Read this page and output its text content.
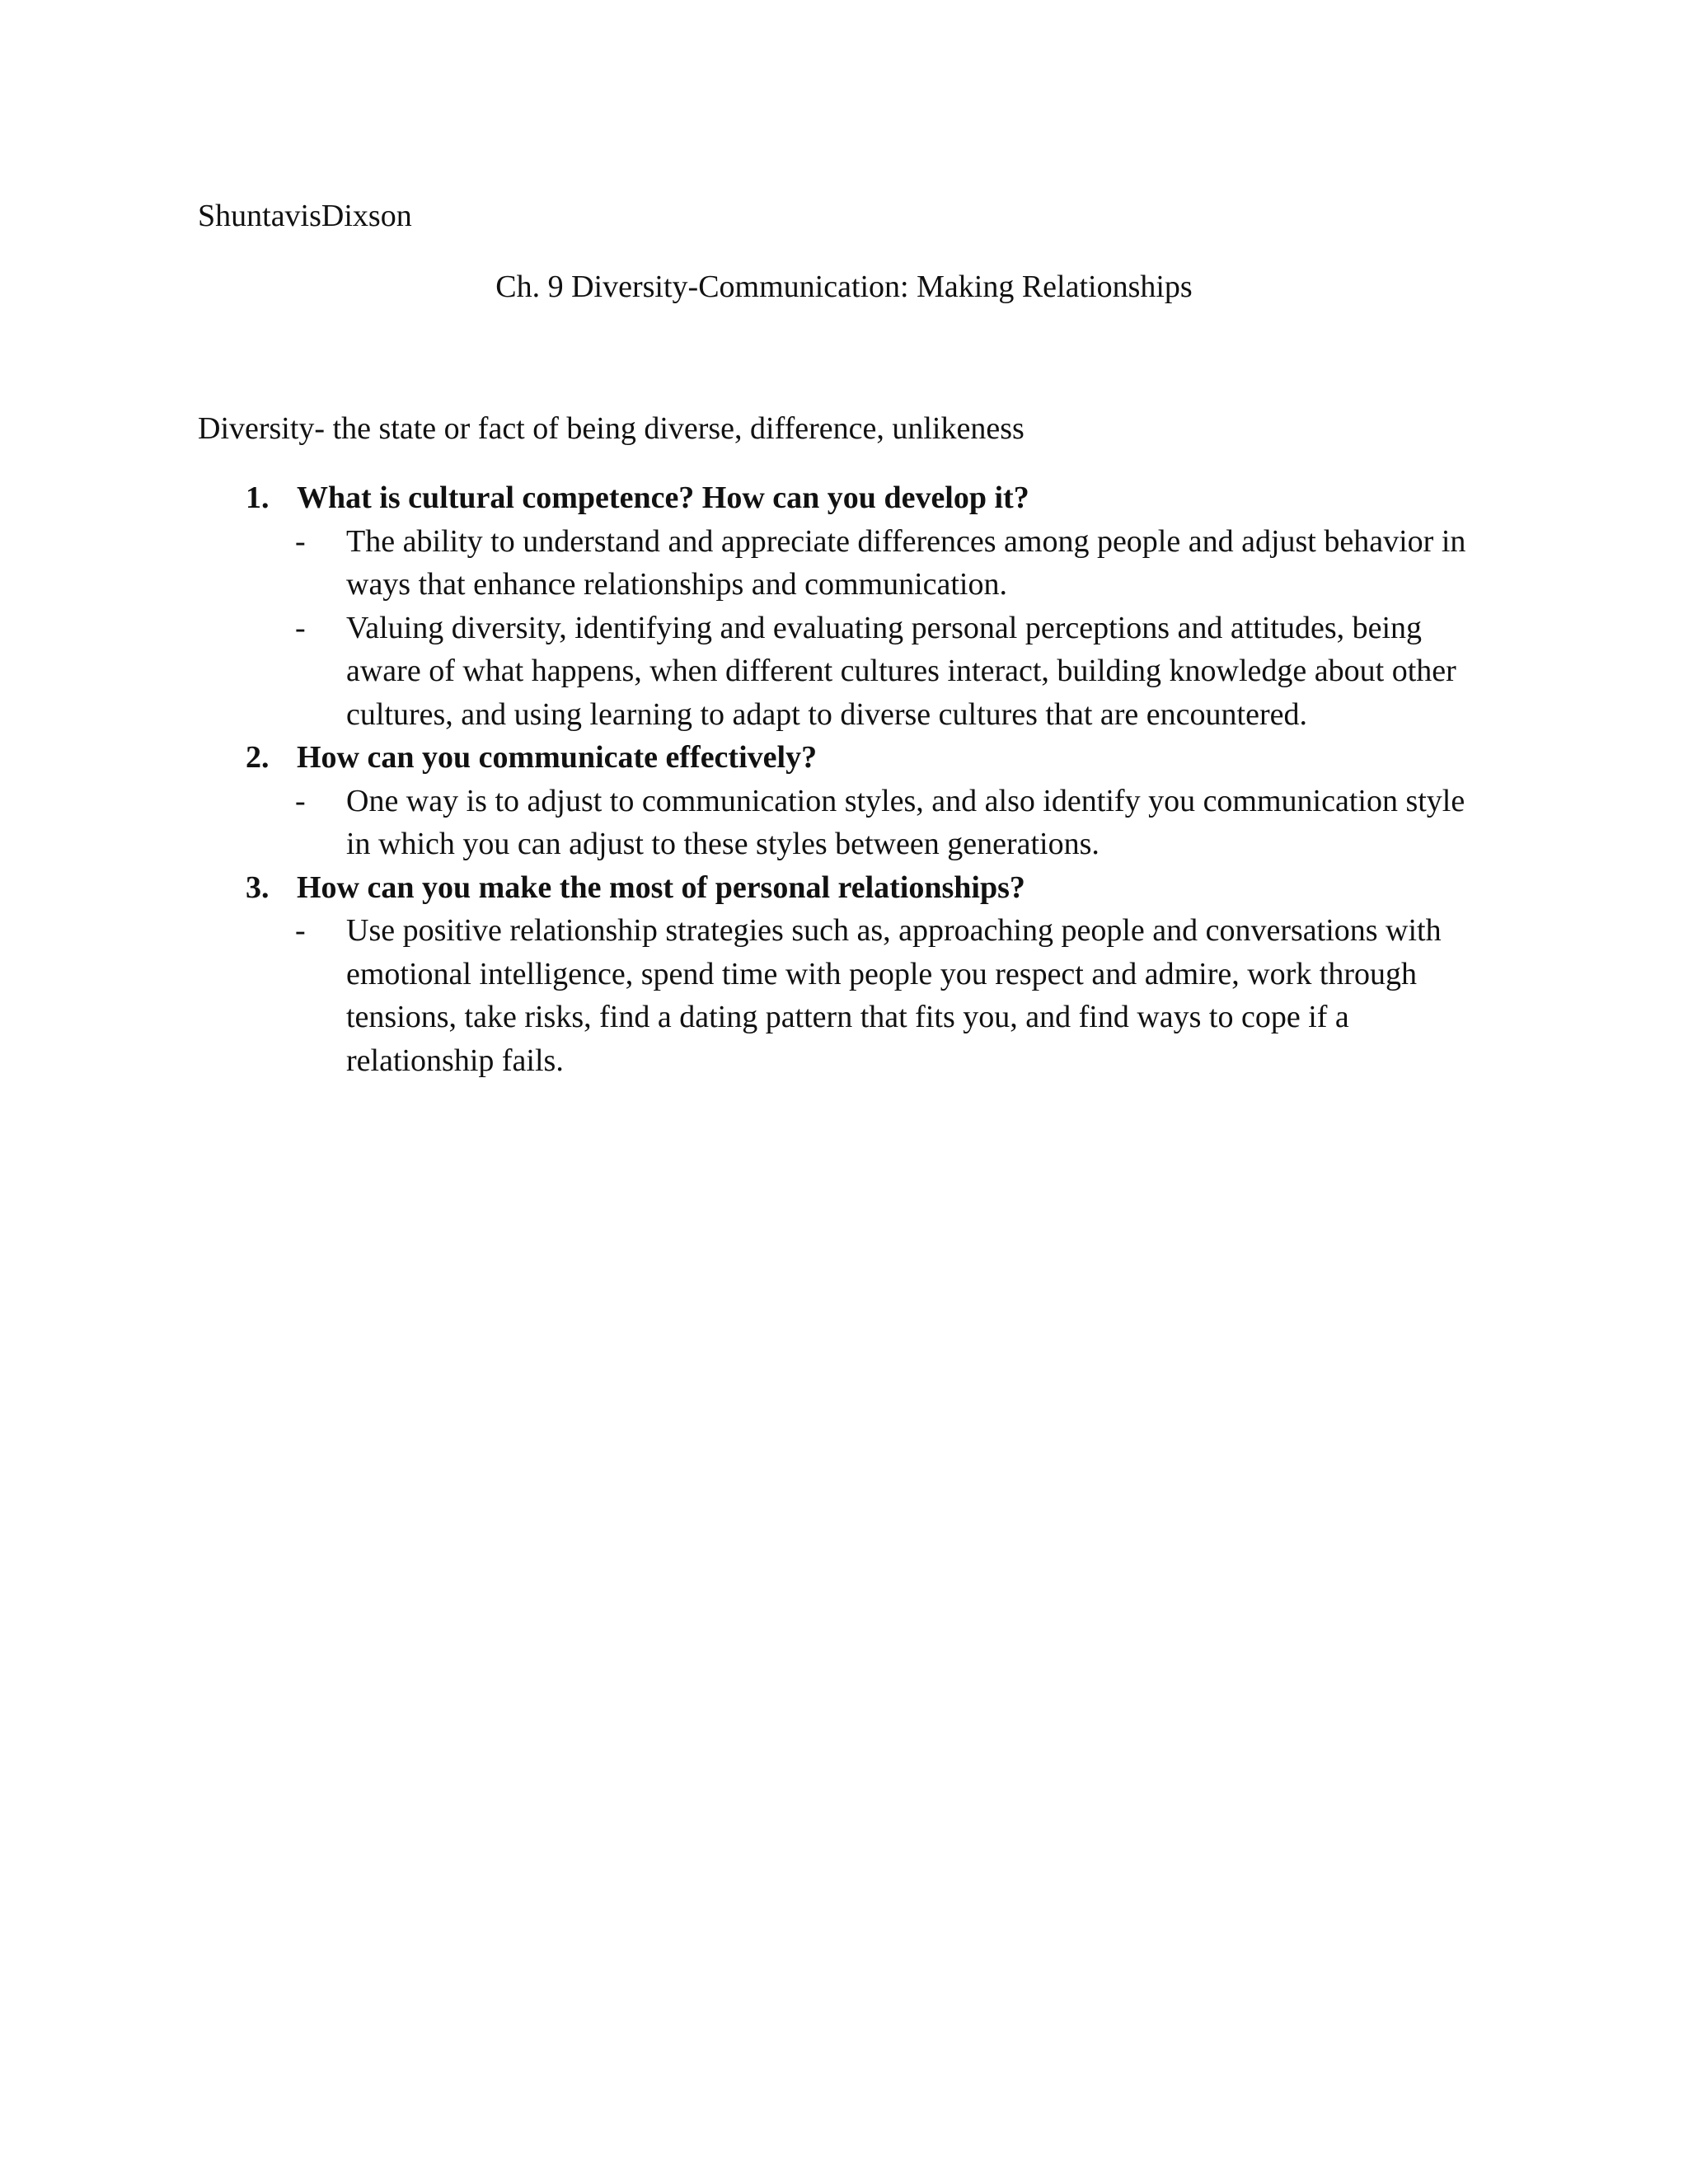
ShuntavisDixson
Ch. 9 Diversity-Communication: Making Relationships
Diversity- the state or fact of being diverse, difference, unlikeness
1. What is cultural competence? How can you develop it?
- The ability to understand and appreciate differences among people and adjust behavior in ways that enhance relationships and communication.
- Valuing diversity, identifying and evaluating personal perceptions and attitudes, being aware of what happens, when different cultures interact, building knowledge about other cultures, and using learning to adapt to diverse cultures that are encountered.
2. How can you communicate effectively?
- One way is to adjust to communication styles, and also identify you communication style in which you can adjust to these styles between generations.
3. How can you make the most of personal relationships?
- Use positive relationship strategies such as, approaching people and conversations with emotional intelligence, spend time with people you respect and admire, work through tensions, take risks, find a dating pattern that fits you, and find ways to cope if a relationship fails.
